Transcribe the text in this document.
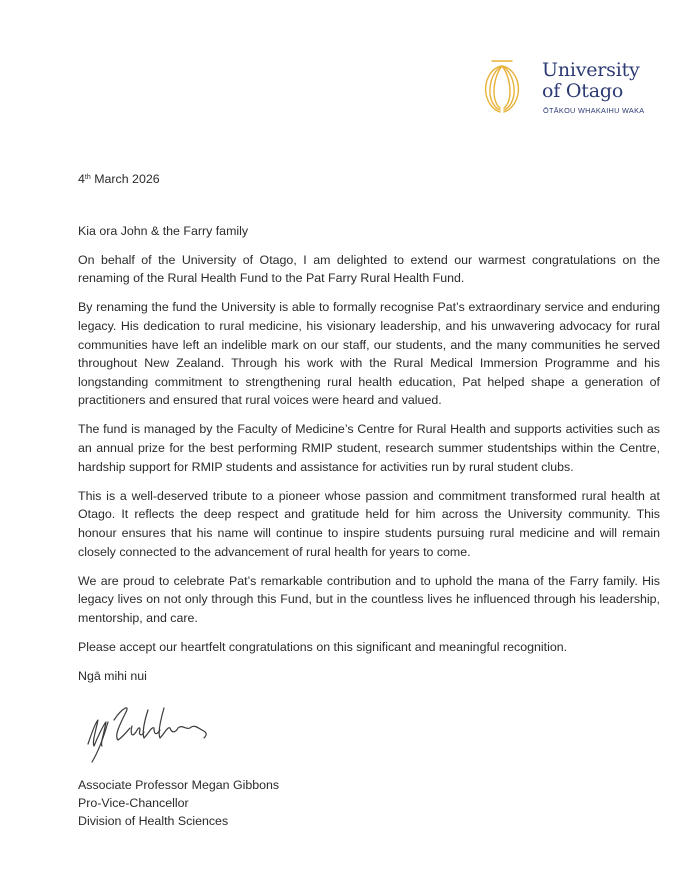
University
of Otago
ŌTĀKOU WHAKAIHU WAKA
4th March 2026

Kia ora John & the Farry family

On behalf of the University of Otago, I am delighted to extend our warmest congratulations on the renaming of the Rural Health Fund to the Pat Farry Rural Health Fund.

By renaming the fund the University is able to formally recognise Pat’s extraordinary service and enduring legacy. His dedication to rural medicine, his visionary leadership, and his unwavering advocacy for rural communities have left an indelible mark on our staff, our students, and the many communities he served throughout New Zealand. Through his work with the Rural Medical Immersion Programme and his longstanding commitment to strengthening rural health education, Pat helped shape a generation of practitioners and ensured that rural voices were heard and valued.

The fund is managed by the Faculty of Medicine’s Centre for Rural Health and supports activities such as an annual prize for the best performing RMIP student, research summer studentships within the Centre, hardship support for RMIP students and assistance for activities run by rural student clubs.

This is a well-deserved tribute to a pioneer whose passion and commitment transformed rural health at Otago. It reflects the deep respect and gratitude held for him across the University community. This honour ensures that his name will continue to inspire students pursuing rural medicine and will remain closely connected to the advancement of rural health for years to come.

We are proud to celebrate Pat’s remarkable contribution and to uphold the mana of the Farry family. His legacy lives on not only through this Fund, but in the countless lives he influenced through his leadership, mentorship, and care.

Please accept our heartfelt congratulations on this significant and meaningful recognition.

Ngā mihi nui

Associate Professor Megan Gibbons

Pro-Vice-Chancellor

Division of Health Sciences
